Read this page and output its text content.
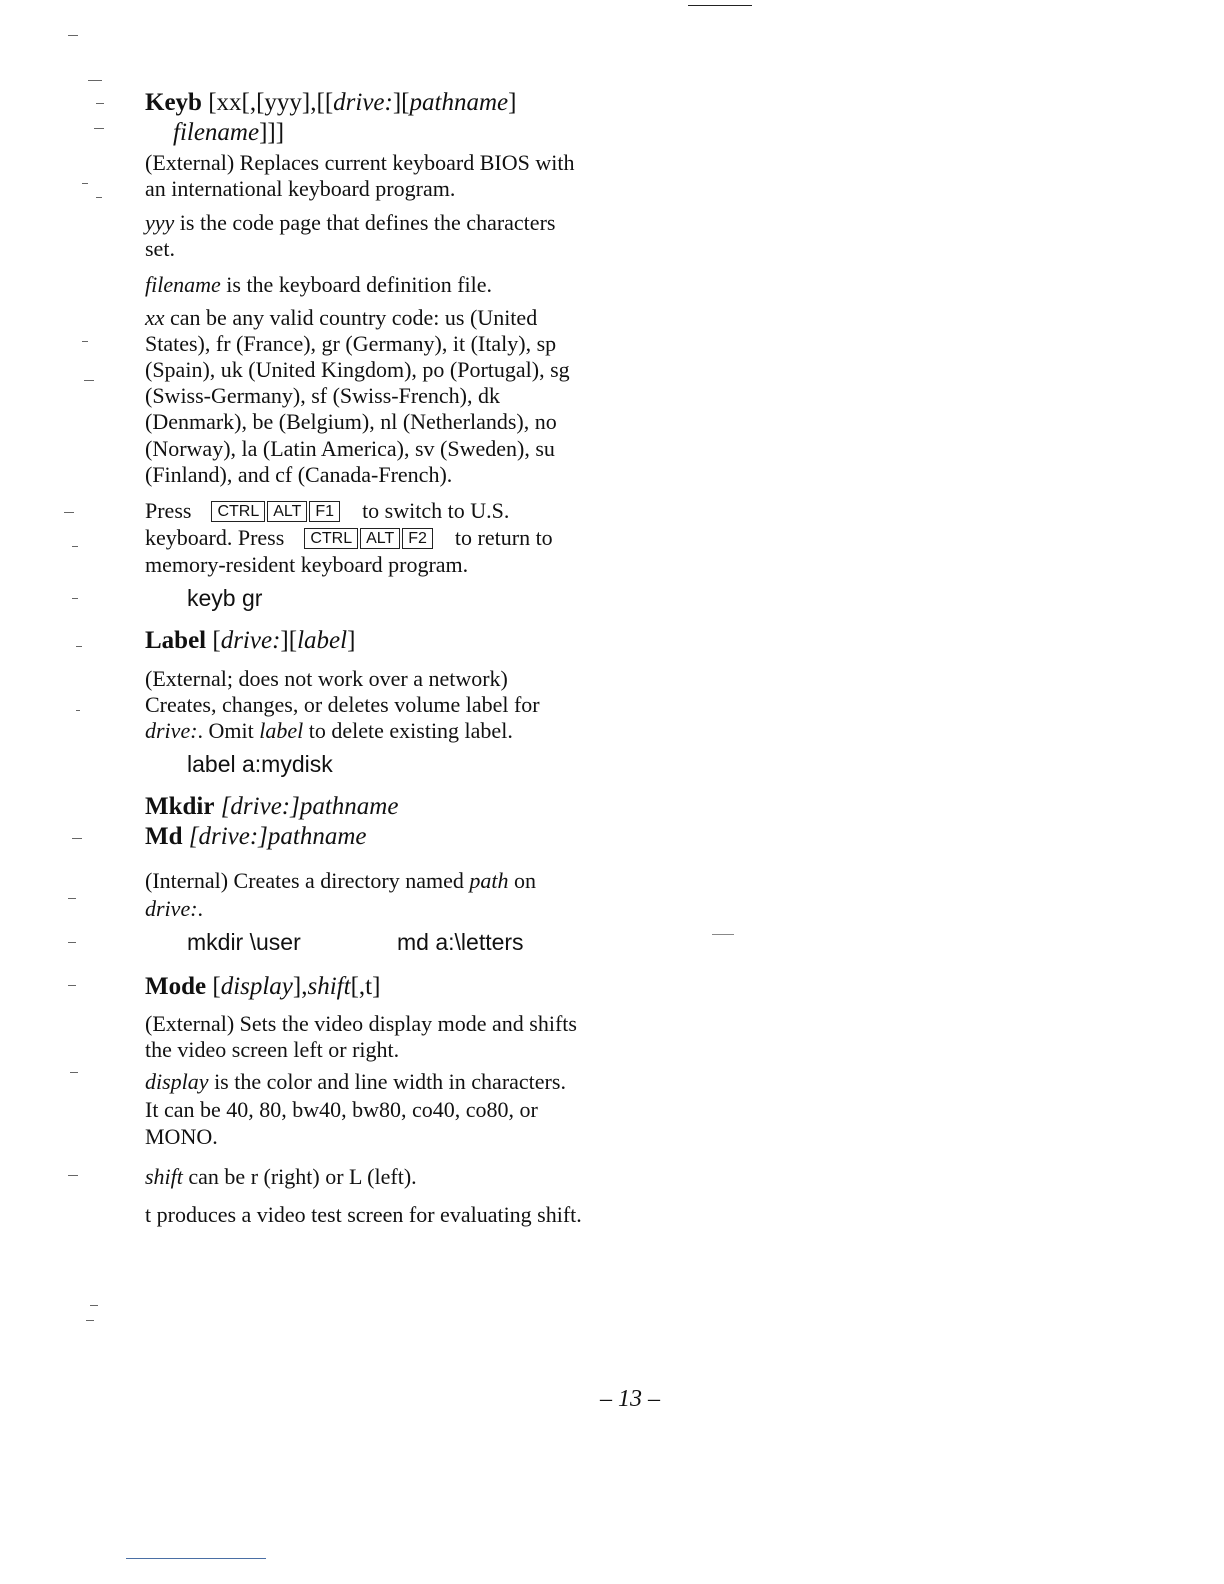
Keyb [xx[,[yyy],[[drive:][pathname]
filename]]]
(External) Replaces current keyboard BIOS with
an international keyboard program.
yyy is the code page that defines the characters
set.
filename is the keyboard definition file.
xx can be any valid country code: us (United
States), fr (France), gr (Germany), it (Italy), sp
(Spain), uk (United Kingdom), po (Portugal), sg
(Swiss-Germany), sf (Swiss-French), dk
(Denmark), be (Belgium), nl (Netherlands), no
(Norway), la (Latin America), sv (Sweden), su
(Finland), and cf (Canada-French).
Press CTRL ALT F1 to switch to U.S.
keyboard. Press CTRL ALT F2 to return to
memory-resident keyboard program.
keyb gr
Label [drive:][label]
(External; does not work over a network)
Creates, changes, or deletes volume label for
drive:. Omit label to delete existing label.
label a:mydisk
Mkdir [drive:]pathname
Md [drive:]pathname
(Internal) Creates a directory named path on
drive:.
mkdir \user	md a:\letters
Mode [display],shift[,t]
(External) Sets the video display mode and shifts
the video screen left or right.
display is the color and line width in characters.
It can be 40, 80, bw40, bw80, co40, co80, or
MONO.
shift can be r (right) or L (left).
t produces a video test screen for evaluating shift.
– 13 –
